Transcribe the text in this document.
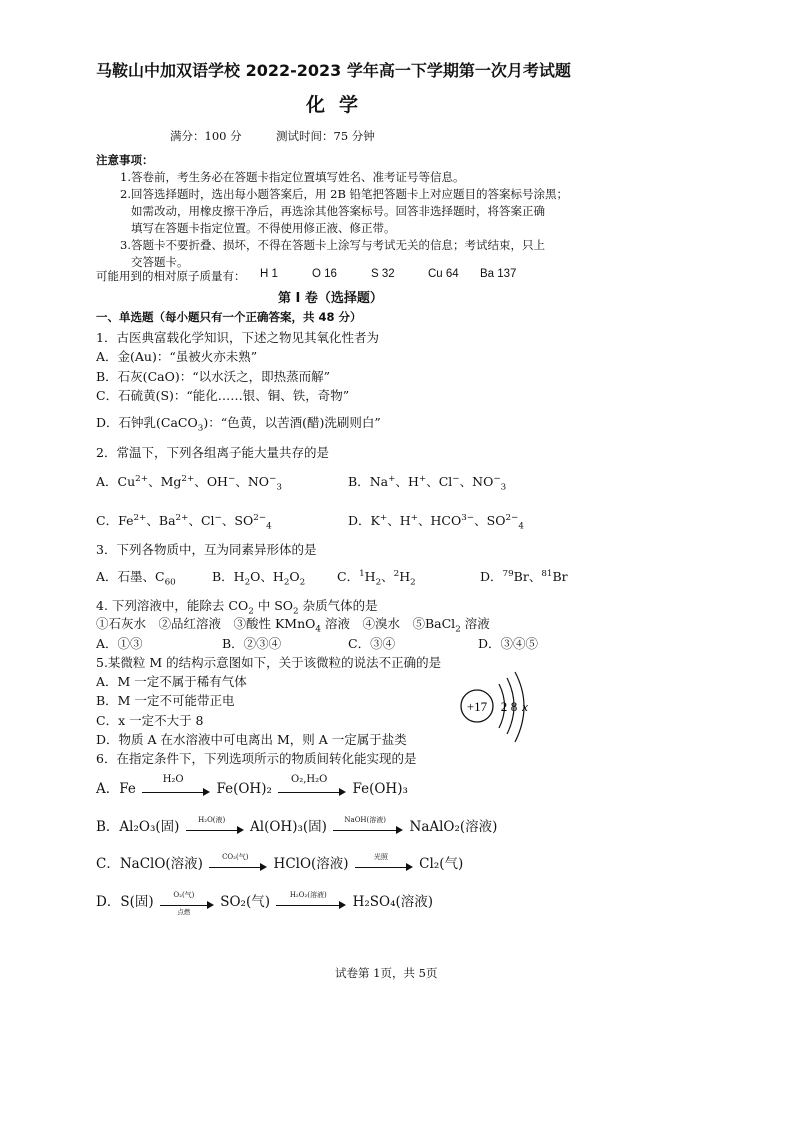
马鞍山中加双语学校 2022-2023 学年高一下学期第一次月考试题
化学
满分：100 分	测试时间：75 分钟
注意事项：
1.答卷前，考生务必在答题卡指定位置填写姓名、准考证号等信息。
2.回答选择题时，选出每小题答案后，用 2B 铅笔把答题卡上对应题目的答案标号涂黑；
如需改动，用橡皮擦干净后，再选涂其他答案标号。回答非选择题时，将答案正确
填写在答题卡指定位置。不得使用修正液、修正带。
3.答题卡不要折叠、损坏，不得在答题卡上涂写与考试无关的信息；考试结束，只上
交答题卡。
可能用到的相对原子质量有： H 1	O 16	S 32	Cu 64 Ba 137
第 I 卷（选择题）
一、单选题（每小题只有一个正确答案，共 48 分）
1．古医典富载化学知识，下述之物见其氧化性者为
A．金(Au)：“虽被火亦未熟”
B．石灰(CaO)：“以水沃之，即热蒸而解”
C．石硫黄(S)：“能化……银、铜、铁，奇物”
D．石钟乳(CaCO$_3$)：“色黄，以苦酒(醋)洗刷则白”
2．常温下，下列各组离子能大量共存的是
A．$Cu^{2+}$、$Mg^{2+}$、OH−、$NO^-_3$	B．Na+、H+、Cl−、$NO^-_3$
C．$Fe^{2+}$、$Ba^{2+}$、Cl−、$SO^{2-}_4$	D．K+、H+、$HCO^{3-}$、$SO^{2-}_4$
3．下列各物质中，互为同素异形体的是
A．石墨、$C_{60}$	B．$H_2O$、$H_2O_2$	C．$^1H_2$、$^2H_2$	D．$^{79}$Br、$^{81}$Br
4. 下列溶液中，能除去 $CO_2$ 中 $SO_2$ 杂质气体的是
①石灰水　②品红溶液　③酸性 KMnO$_4$ 溶液　④溴水　⑤BaCl$_2$ 溶液
A．①③	B．②③④	C．③④	D．③④⑤
5.某微粒 M 的结构示意图如下，关于该微粒的说法不正确的是
A．M 一定不属于稀有气体
B．M 一定不可能带正电
C．x 一定不大于 8
D．物质 A 在水溶液中可电离出 M，则 A 一定属于盐类
+17 2 8 x
6．在指定条件下，下列选项所示的物质间转化能实现的是
A．Fe
H₂O
Fe(OH)₂
O₂,H₂O
Fe(OH)₃
B．Al₂O₃(固)	H₂O(液)	Al(OH)₃(固)	NaOH(溶液)	NaAlO₂(溶液)
C．NaClO(溶液)	CO₂(气)	HClO(溶液)	光照	Cl₂(气)
D．S(固)	O₂(气)
点燃
SO₂(气)	H₂O₂(溶液)	H₂SO₄(溶液)
试卷第 1页，共 5页
